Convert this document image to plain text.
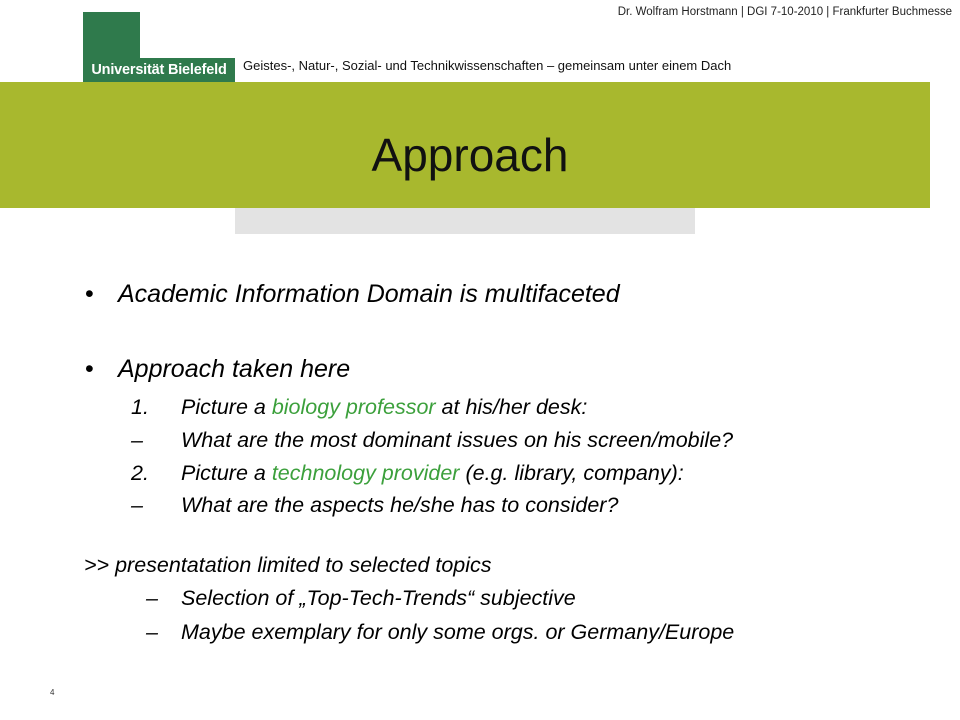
Universität Bielefeld
Dr. Wolfram Horstmann | DGI 7-10-2010 | Frankfurter Buchmesse
Geistes-, Natur-, Sozial- und Technikwissenschaften – gemeinsam unter einem Dach
Approach
• Academic Information Domain is multifaceted
• Approach taken here
1. Picture a biology professor at his/her desk:
– What are the most dominant issues on his screen/mobile?
2. Picture a technology provider (e.g. library, company):
– What are the aspects he/she has to consider?
>> presentatation limited to selected topics
– Selection of „Top-Tech-Trends“ subjective
– Maybe exemplary for only some orgs. or Germany/Europe
4
